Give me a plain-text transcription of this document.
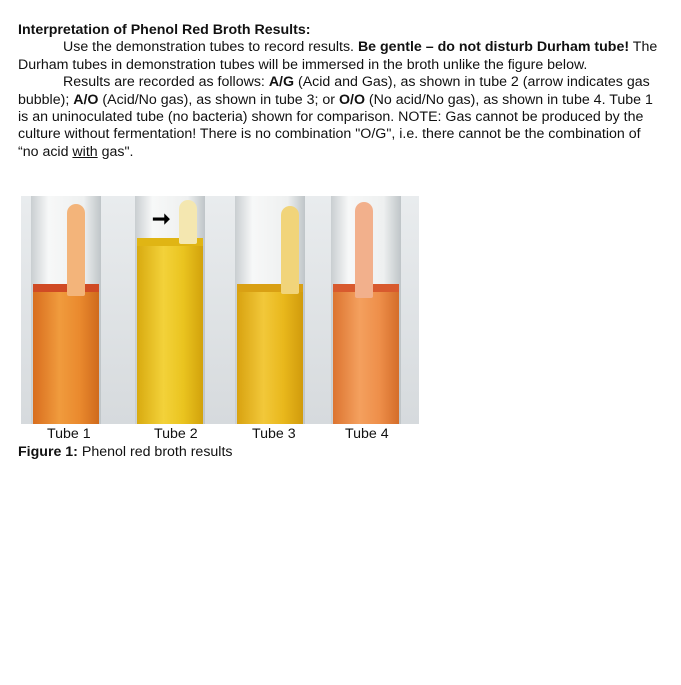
Interpretation of Phenol Red Broth Results:

Use the demonstration tubes to record results. Be gentle – do not disturb Durham tube! The Durham tubes in demonstration tubes will be immersed in the broth unlike the figure below.

Results are recorded as follows: A/G (Acid and Gas), as shown in tube 2 (arrow indicates gas bubble); A/O (Acid/No gas), as shown in tube 3; or O/O (No acid/No gas), as shown in tube 4. Tube 1 is an uninoculated tube (no bacteria) shown for comparison. NOTE: Gas cannot be produced by the culture without fermentation! There is no combination "O/G", i.e. there cannot be the combination of “no acid with gas".

➞
Tube 1	Tube 2	Tube 3	Tube 4
Figure 1: Phenol red broth results
